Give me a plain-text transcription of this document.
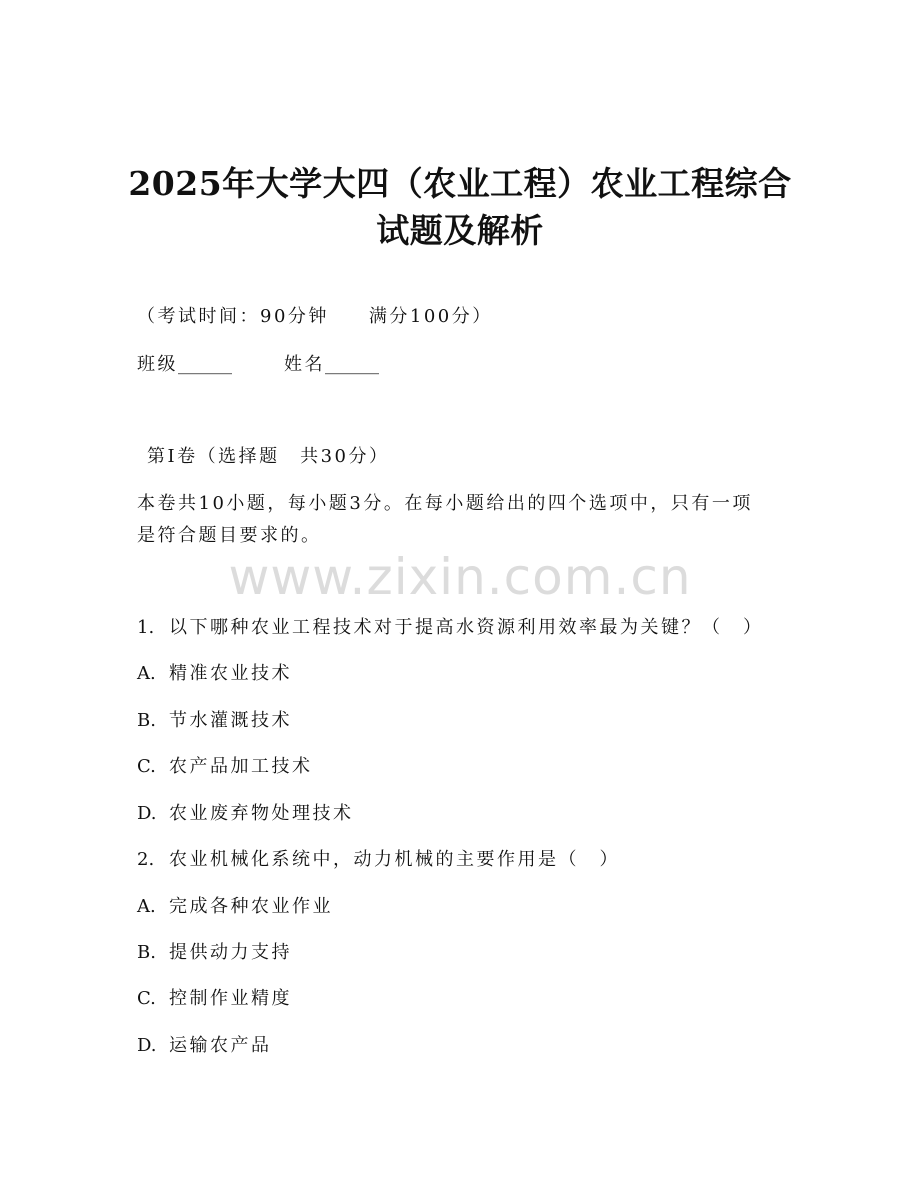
2025年大学大四（农业工程）农业工程综合
试题及解析
（考试时间：90分钟 满分100分）
班级______	姓名______
第Ⅰ卷（选择题　共30分）
本卷共10小题，每小题3分。在每小题给出的四个选项中，只有一项
是符合题目要求的。
www.zixin.com.cn
1. 以下哪种农业工程技术对于提高水资源利用效率最为关键？（　）
A. 精准农业技术
B. 节水灌溉技术
C. 农产品加工技术
D. 农业废弃物处理技术
2. 农业机械化系统中，动力机械的主要作用是（　）
A. 完成各种农业作业
B. 提供动力支持
C. 控制作业精度
D. 运输农产品
